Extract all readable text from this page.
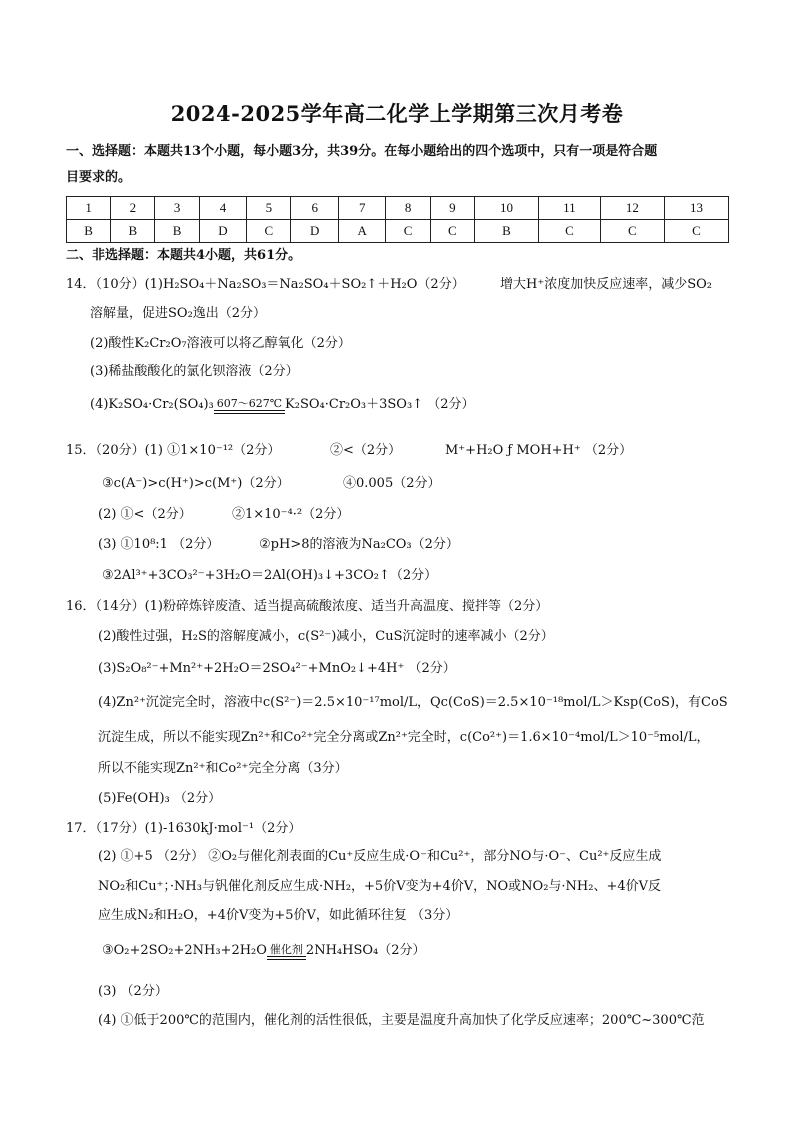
2024-2025学年高二化学上学期第三次月考卷
一、选择题：本题共13个小题，每小题3分，共39分。在每小题给出的四个选项中，只有一项是符合题
目要求的。
1	2	3	4	5	6	7	8	9	10	11	12	13
B	B	B	D	C	D	A	C	C	B	C	C	C
二、非选择题：本题共4小题，共61分。
14．（10分）(1)H₂SO₄＋Na₂SO₃＝Na₂SO₄＋SO₂↑＋H₂O（2分）	增大H⁺浓度加快反应速率，减少SO₂
溶解量，促进SO₂逸出（2分）
(2)酸性K₂Cr₂O₇溶液可以将乙醇氧化（2分）
(3)稀盐酸酸化的氯化钡溶液（2分）
(4)K₂SO₄·Cr₂(SO₄)₃ 607～627℃ K₂SO₄·Cr₂O₃＋3SO₃↑ （2分）
15．（20分）(1) ①1×10⁻¹²（2分）	②<（2分）	M⁺+H₂O ƒ MOH+H⁺ （2分）
③c(A⁻)>c(H⁺)>c(M⁺)（2分）	④0.005（2分）
(2) ①<（2分）	②1×10⁻⁴·²（2分）
(3) ①10⁸:1 （2分）	②pH>8的溶液为Na₂CO₃（2分）
③2Al³⁺+3CO₃²⁻+3H₂O＝2Al(OH)₃↓+3CO₂↑（2分）
16．（14分）(1)粉碎炼锌废渣、适当提高硫酸浓度、适当升高温度、搅拌等（2分）
(2)酸性过强，H₂S的溶解度减小，c(S²⁻)减小，CuS沉淀时的速率减小（2分）
(3)S₂O₈²⁻+Mn²⁺+2H₂O＝2SO₄²⁻+MnO₂↓+4H⁺ （2分）
(4)Zn²⁺沉淀完全时，溶液中c(S²⁻)＝2.5×10⁻¹⁷mol/L，Qc(CoS)＝2.5×10⁻¹⁸mol/L＞Ksp(CoS)，有CoS
沉淀生成，所以不能实现Zn²⁺和Co²⁺完全分离或Zn²⁺完全时，c(Co²⁺)＝1.6×10⁻⁴mol/L＞10⁻⁵mol/L，
所以不能实现Zn²⁺和Co²⁺完全分离（3分）
(5)Fe(OH)₃ （2分）
17．（17分）(1)-1630kJ·mol⁻¹（2分）
(2) ①+5 （2分） ②O₂与催化剂表面的Cu⁺反应生成·O⁻和Cu²⁺，部分NO与·O⁻、Cu²⁺反应生成
NO₂和Cu⁺；·NH₃与钒催化剂反应生成·NH₂，+5价V变为+4价V，NO或NO₂与·NH₂、+4价V反
应生成N₂和H₂O，+4价V变为+5价V，如此循环往复 （3分）
③O₂+2SO₂+2NH₃+2H₂O 催化剂 2NH₄HSO₄（2分）
(3) （2分）
(4) ①低于200℃的范围内，催化剂的活性很低，主要是温度升高加快了化学反应速率；200℃~300℃范
